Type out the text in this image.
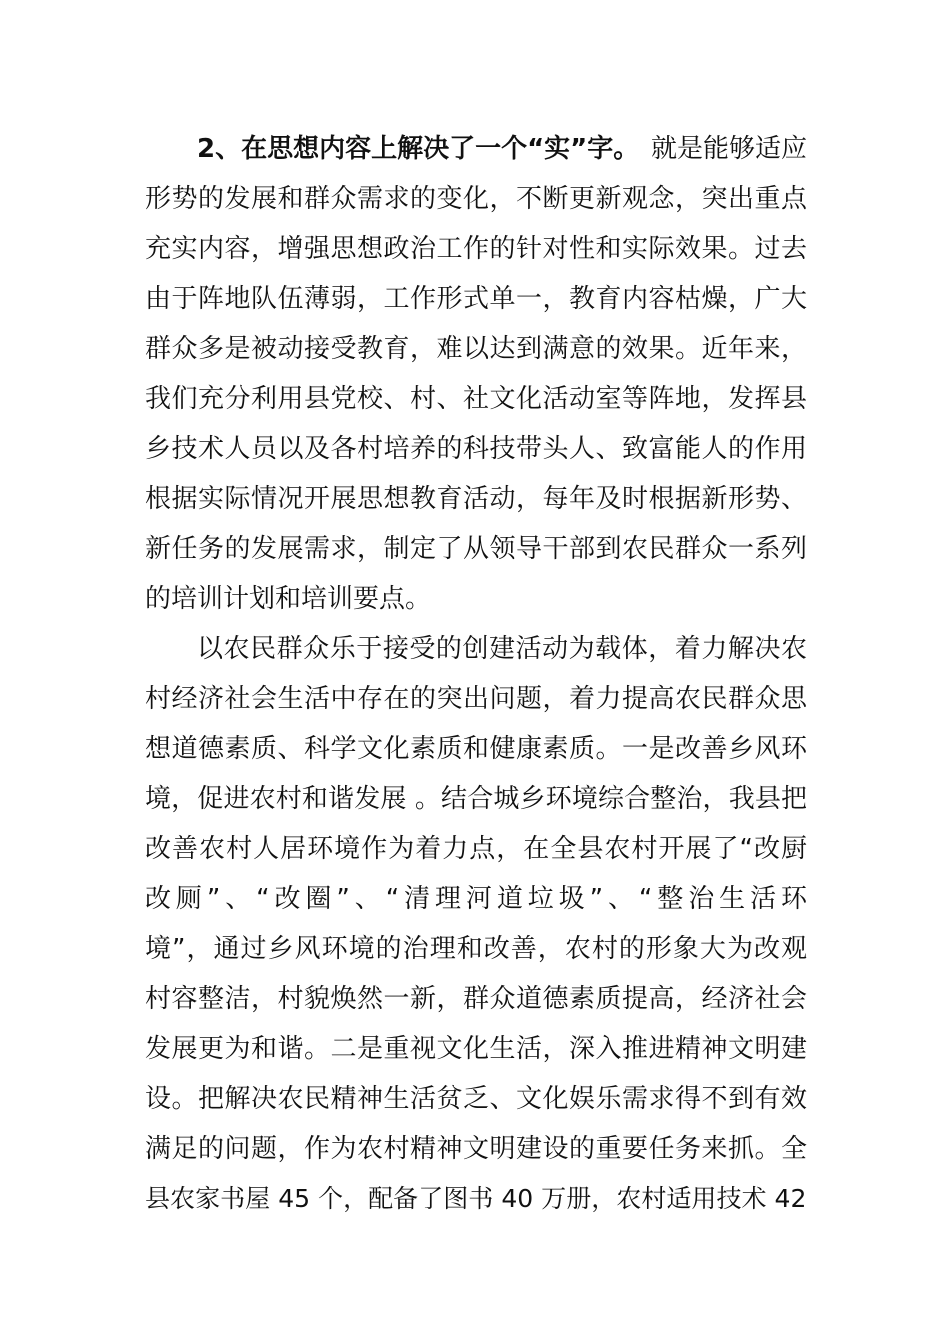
2、在思想内容上解决了一个“实”字。 就是能够适应
形势的发展和群众需求的变化，不断更新观念，突出重点
充实内容，增强思想政治工作的针对性和实际效果。过去
由于阵地队伍薄弱，工作形式单一，教育内容枯燥，广大
群众多是被动接受教育，难以达到满意的效果。近年来，
我们充分利用县党校、村、社文化活动室等阵地，发挥县
乡技术人员以及各村培养的科技带头人、致富能人的作用
根据实际情况开展思想教育活动，每年及时根据新形势、
新任务的发展需求，制定了从领导干部到农民群众一系列
的培训计划和培训要点。
以农民群众乐于接受的创建活动为载体，着力解决农
村经济社会生活中存在的突出问题，着力提高农民群众思
想道德素质、科学文化素质和健康素质。一是改善乡风环
境，促进农村和谐发展 。结合城乡环境综合整治，我县把
改善农村人居环境作为着力点，在全县农村开展了“改厨
改厕”、“改圈”、“清理河道垃圾”、“整治生活环
境”，通过乡风环境的治理和改善，农村的形象大为改观
村容整洁，村貌焕然一新，群众道德素质提高，经济社会
发展更为和谐。二是重视文化生活，深入推进精神文明建
设。把解决农民精神生活贫乏、文化娱乐需求得不到有效
满足的问题，作为农村精神文明建设的重要任务来抓。全
县农家书屋 45 个，配备了图书 40 万册，农村适用技术 42
